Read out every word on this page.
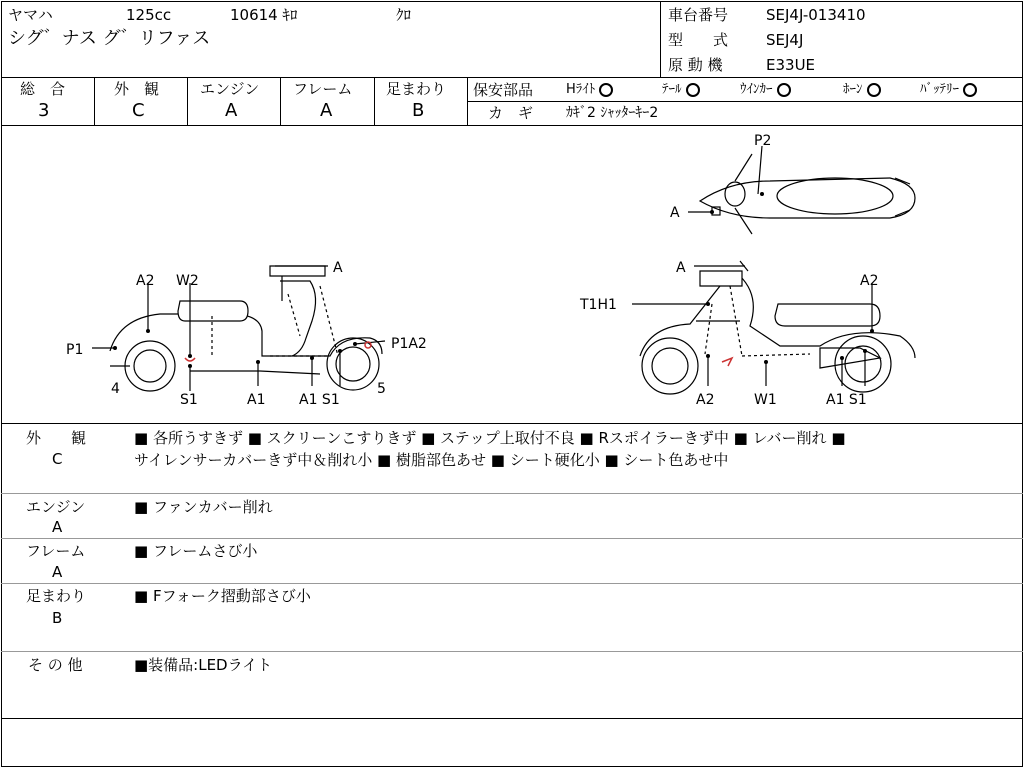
ヤマハ	125cc	10614 ｷﾛ	ｸﾛ
シグ゛ナス グ゛リファス
車台番号	SEJ4J-013410
型　　式	SEJ4J
原 動 機	E33UE
総　合
3
外　観
C
エンジン
A
フレーム
A
足まわり
B
保安部品	Hﾗｲﾄ	ﾃｰﾙ	ｳｲﾝｶｰ	ﾎｰﾝ	ﾊﾞｯﾃﾘｰ
カ　ギ ｶｷﾞ2 ｼｬｯﾀｰｷｰ2
P2
A
A2 W2
A
P1	P1A2
4
S1	A1 A1 S1
5
A
A2
T1H1
A2	W1	A1 S1
外　　観
C
■ 各所うすきず ■ スクリーンこすりきず ■ ステップ上取付不良 ■ Rスポイラーきず中 ■ レバー削れ ■
サイレンサーカバーきず中＆削れ小 ■ 樹脂部色あせ ■ シート硬化小 ■ シート色あせ中
エンジン
A
■ ファンカバー削れ
フレーム
A
■ フレームさび小
足まわり
B
■ Fフォーク摺動部さび小
そ の 他	■装備品:LEDライト
